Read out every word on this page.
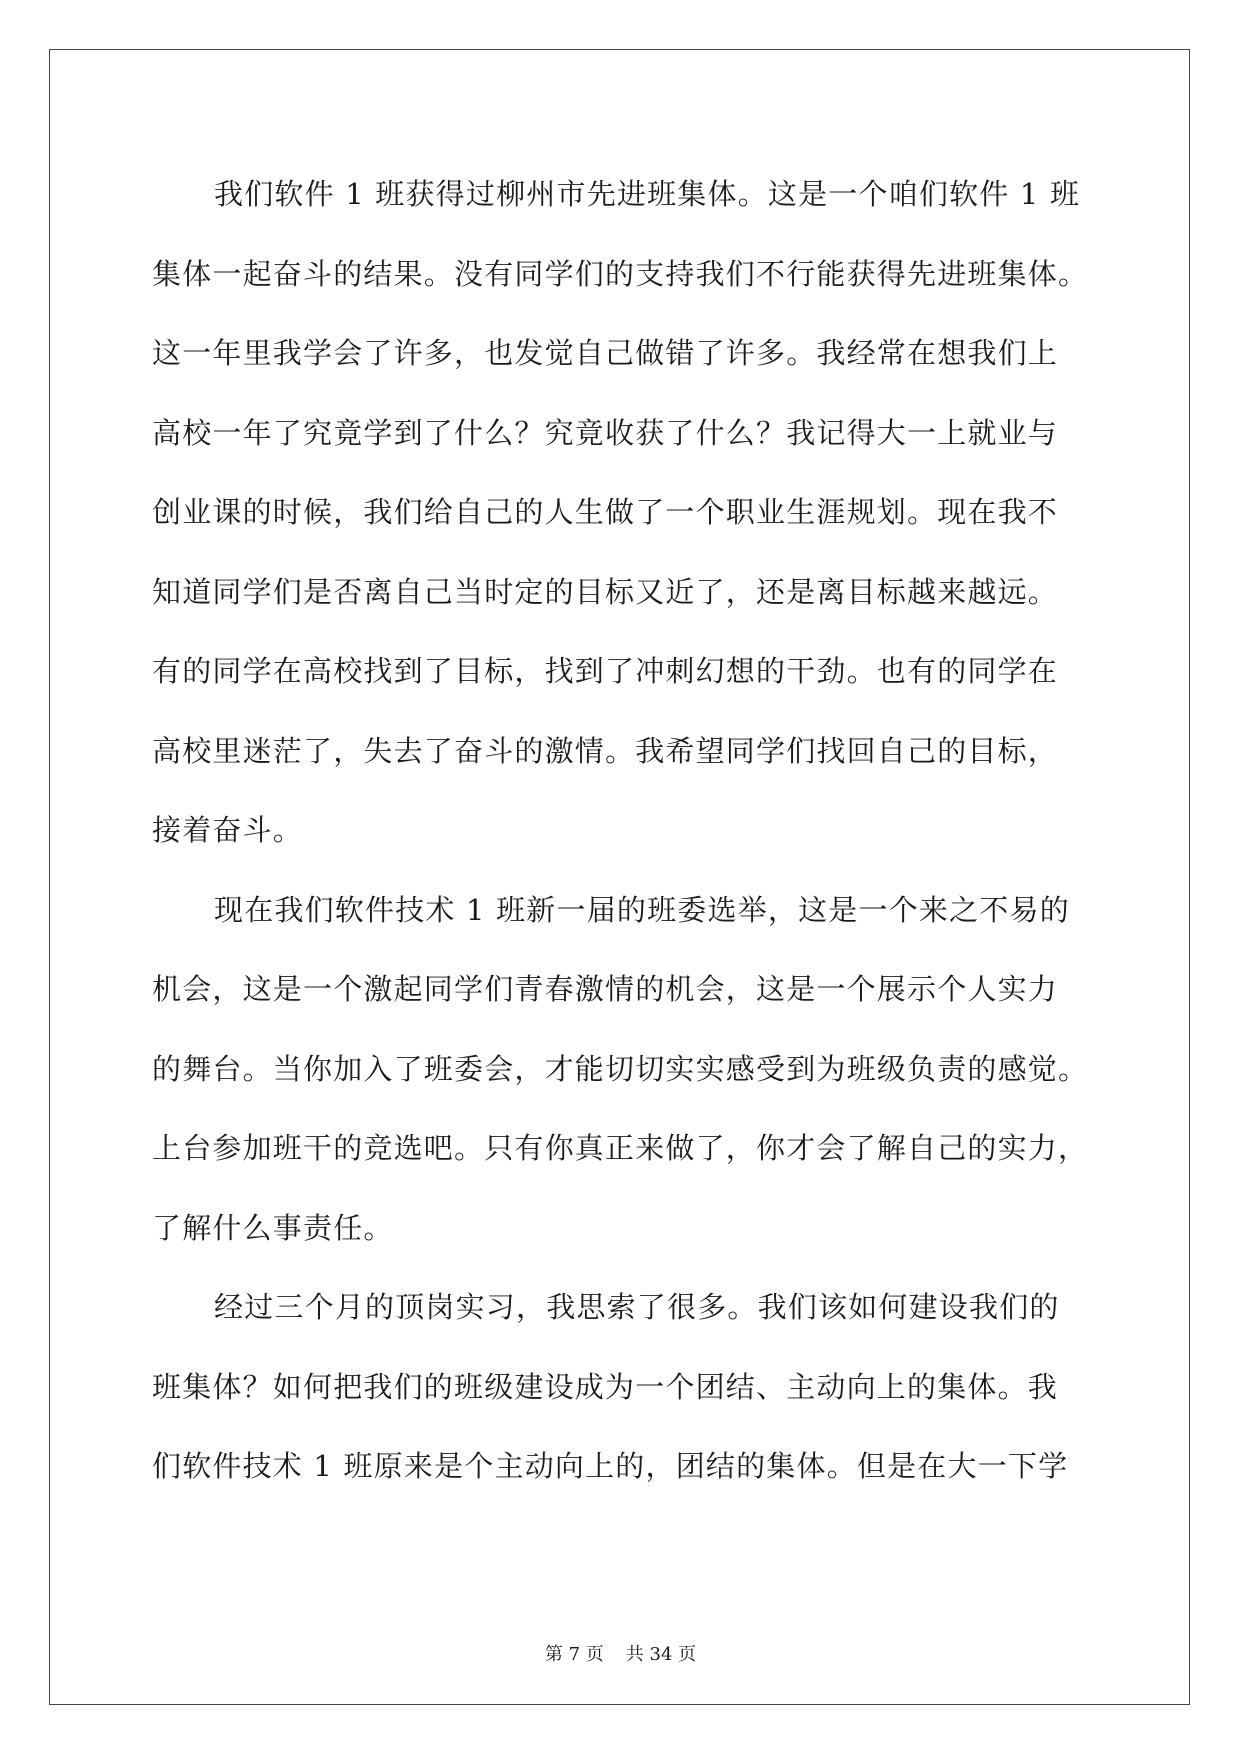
我们软件 1 班获得过柳州市先进班集体。这是一个咱们软件 1 班
集体一起奋斗的结果。没有同学们的支持我们不行能获得先进班集体。
这一年里我学会了许多，也发觉自己做错了许多。我经常在想我们上
高校一年了究竟学到了什么？究竟收获了什么？我记得大一上就业与
创业课的时候，我们给自己的人生做了一个职业生涯规划。现在我不
知道同学们是否离自己当时定的目标又近了，还是离目标越来越远。
有的同学在高校找到了目标，找到了冲刺幻想的干劲。也有的同学在
高校里迷茫了，失去了奋斗的激情。我希望同学们找回自己的目标，
接着奋斗。
现在我们软件技术 1 班新一届的班委选举，这是一个来之不易的
机会，这是一个激起同学们青春激情的机会，这是一个展示个人实力
的舞台。当你加入了班委会，才能切切实实感受到为班级负责的感觉。
上台参加班干的竞选吧。只有你真正来做了，你才会了解自己的实力，
了解什么事责任。
经过三个月的顶岗实习，我思索了很多。我们该如何建设我们的
班集体？如何把我们的班级建设成为一个团结、主动向上的集体。我
们软件技术 1 班原来是个主动向上的，团结的集体。但是在大一下学
第 7 页 共 34 页
